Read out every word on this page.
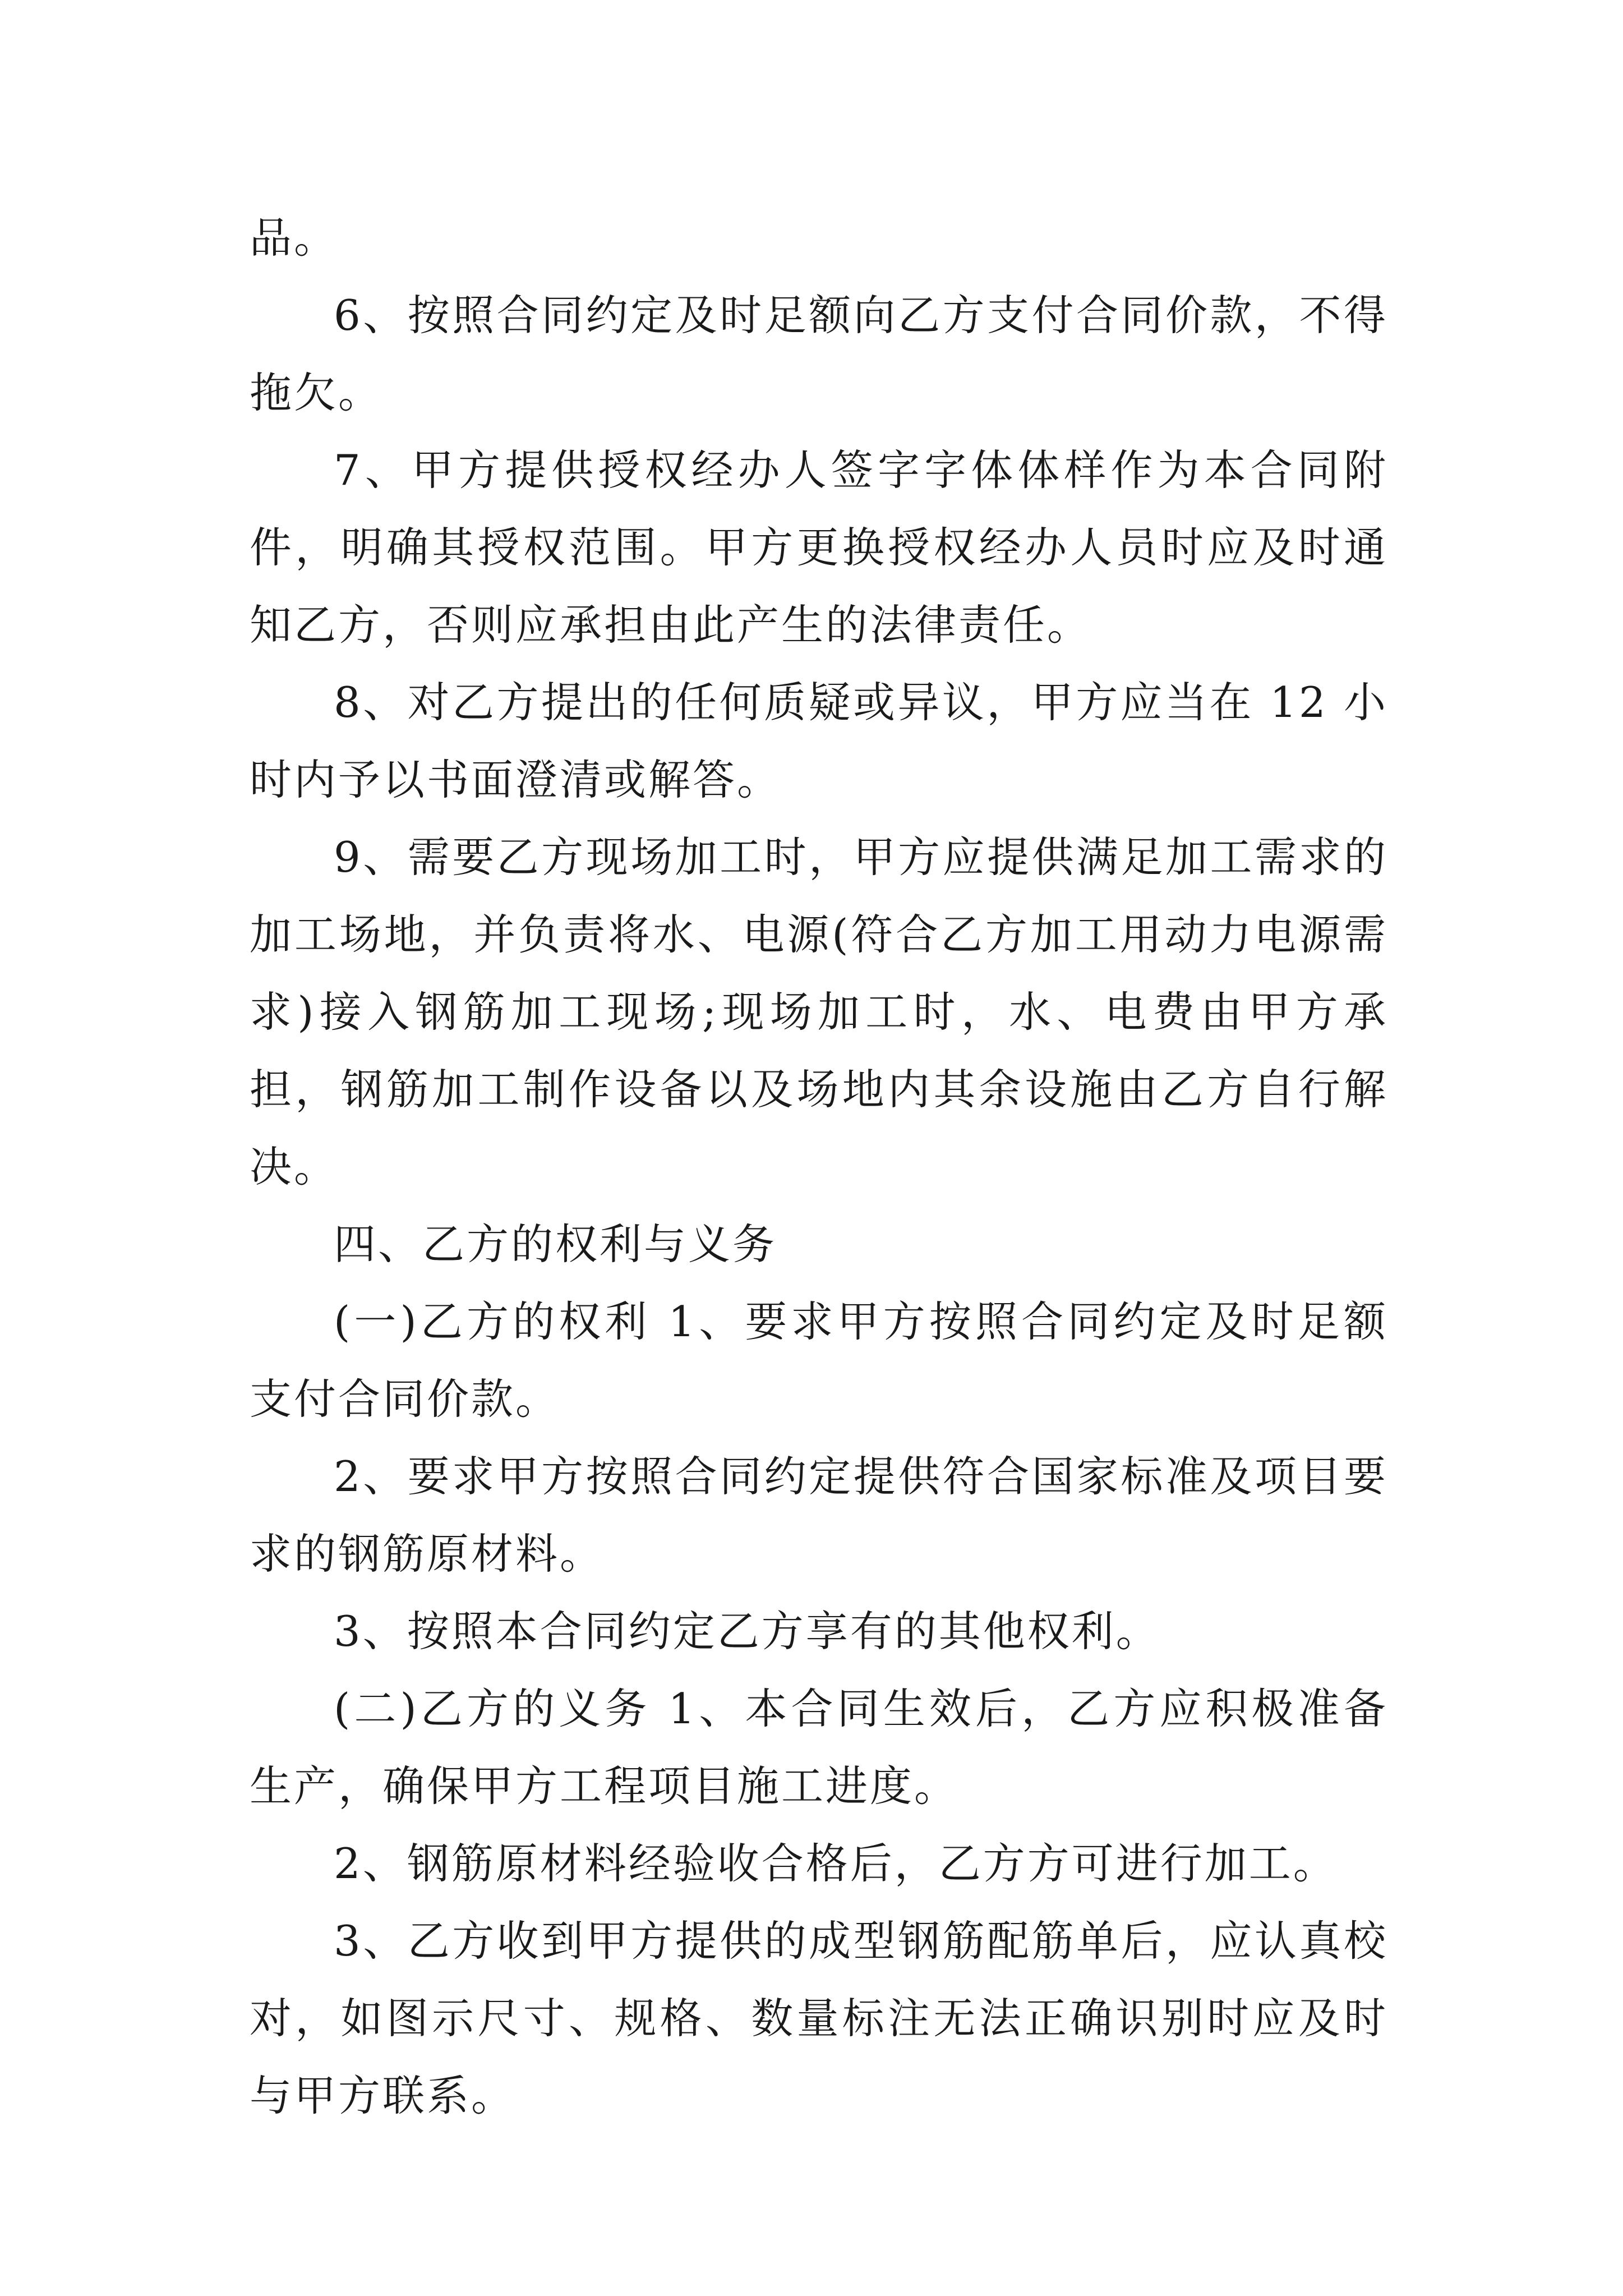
品。

6、按照合同约定及时足额向乙方支付合同价款，不得拖欠。

7、甲方提供授权经办人签字字体体样作为本合同附件，明确其授权范围。甲方更换授权经办人员时应及时通知乙方，否则应承担由此产生的法律责任。

8、对乙方提出的任何质疑或异议，甲方应当在 12 小时内予以书面澄清或解答。

9、需要乙方现场加工时，甲方应提供满足加工需求的加工场地，并负责将水、电源(符合乙方加工用动力电源需求)接入钢筋加工现场;现场加工时，水、电费由甲方承担，钢筋加工制作设备以及场地内其余设施由乙方自行解决。

四、乙方的权利与义务

(一)乙方的权利 1、要求甲方按照合同约定及时足额支付合同价款。

2、要求甲方按照合同约定提供符合国家标准及项目要求的钢筋原材料。

3、按照本合同约定乙方享有的其他权利。

(二)乙方的义务 1、本合同生效后，乙方应积极准备生产，确保甲方工程项目施工进度。

2、钢筋原材料经验收合格后，乙方方可进行加工。

3、乙方收到甲方提供的成型钢筋配筋单后，应认真校对，如图示尺寸、规格、数量标注无法正确识别时应及时与甲方联系。
